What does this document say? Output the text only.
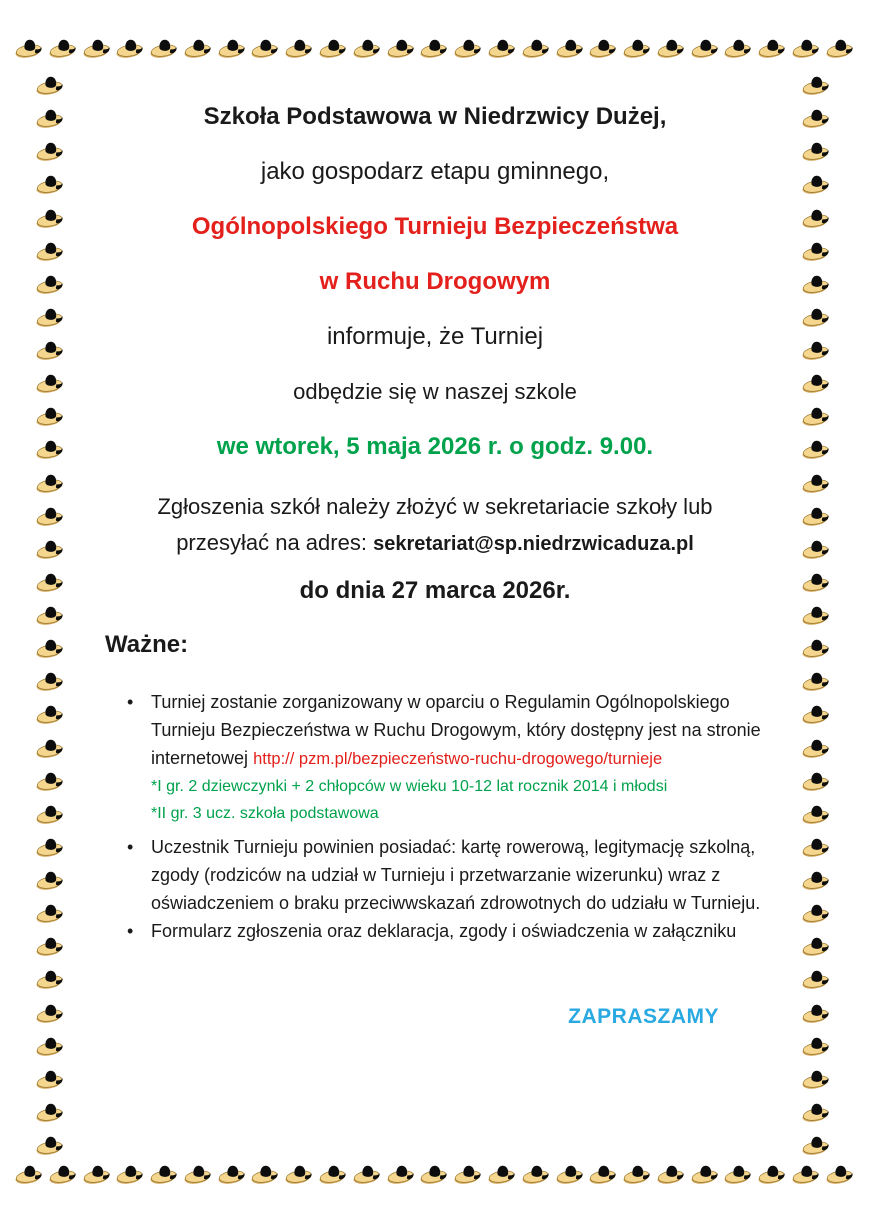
Szkoła Podstawowa w Niedrzwicy Dużej,

jako gospodarz etapu gminnego,

Ogólnopolskiego Turnieju Bezpieczeństwa

w Ruchu Drogowym

informuje, że Turniej

odbędzie się w naszej szkole

we wtorek, 5 maja 2026 r. o godz. 9.00.

Zgłoszenia szkół należy złożyć w sekretariacie szkoły lub

przesyłać na adres: sekretariat@sp.niedrzwicaduza.pl

do dnia 27 marca 2026r.

Ważne:

• Turniej zostanie zorganizowany w oparciu o Regulamin Ogólnopolskiego Turnieju Bezpieczeństwa w Ruchu Drogowym, który dostępny jest na stronie internetowej http:// pzm.pl/bezpieczeństwo-ruchu-drogowego/turnieje

*I gr. 2 dziewczynki + 2 chłopców w wieku 10-12 lat rocznik 2014 i młodsi

*II gr. 3 ucz. szkoła podstawowa

• Uczestnik Turnieju powinien posiadać: kartę rowerową, legitymację szkolną, zgody (rodziców na udział w Turnieju i przetwarzanie wizerunku) wraz z oświadczeniem o braku przeciwwskazań zdrowotnych do udziału w Turnieju.
• Formularz zgłoszenia oraz deklaracja, zgody i oświadczenia w załączniku

ZAPRASZAMY
